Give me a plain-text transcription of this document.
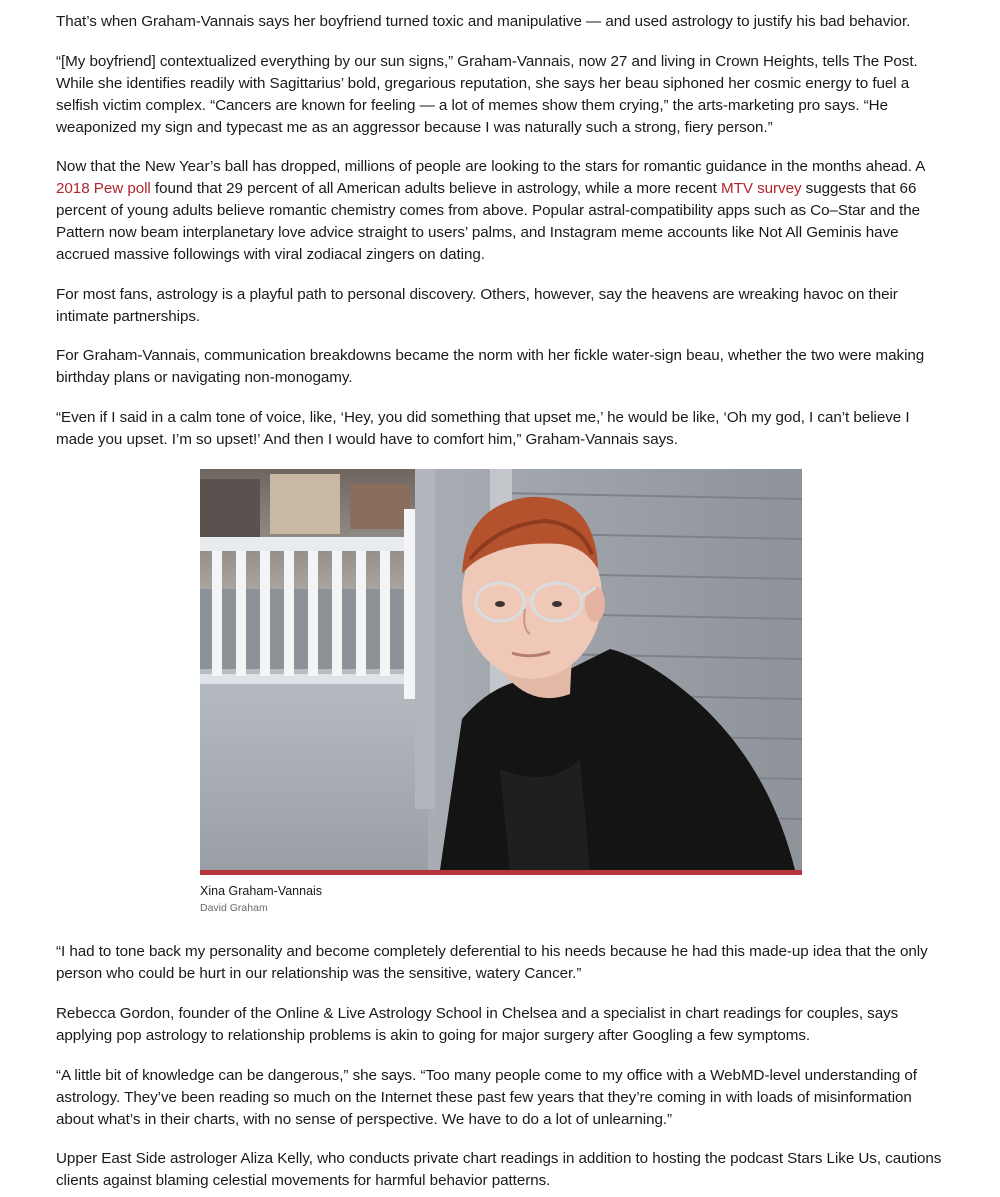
That’s when Graham-Vannais says her boyfriend turned toxic and manipulative — and used astrology to justify his bad behavior.

“[My boyfriend] contextualized everything by our sun signs,” Graham-Vannais, now 27 and living in Crown Heights, tells The Post. While she identifies readily with Sagittarius’ bold, gregarious reputation, she says her beau siphoned her cosmic energy to fuel a selfish victim complex. “Cancers are known for feeling — a lot of memes show them crying,” the arts-marketing pro says. “He weaponized my sign and typecast me as an aggressor because I was naturally such a strong, fiery person.”

Now that the New Year’s ball has dropped, millions of people are looking to the stars for romantic guidance in the months ahead. A 2018 Pew poll found that 29 percent of all American adults believe in astrology, while a more recent MTV survey suggests that 66 percent of young adults believe romantic chemistry comes from above. Popular astral-compatibility apps such as Co–Star and the Pattern now beam interplanetary love advice straight to users’ palms, and Instagram meme accounts like Not All Geminis have accrued massive followings with viral zodiacal zingers on dating.

For most fans, astrology is a playful path to personal discovery. Others, however, say the heavens are wreaking havoc on their intimate partnerships.

For Graham-Vannais, communication breakdowns became the norm with her fickle water-sign beau, whether the two were making birthday plans or navigating non-monogamy.

“Even if I said in a calm tone of voice, like, ‘Hey, you did something that upset me,’ he would be like, ‘Oh my god, I can’t believe I made you upset. I’m so upset!’ And then I would have to comfort him,” Graham-Vannais says.

Xina Graham-Vannais
David Graham

“I had to tone back my personality and become completely deferential to his needs because he had this made-up idea that the only person who could be hurt in our relationship was the sensitive, watery Cancer.”

Rebecca Gordon, founder of the Online & Live Astrology School in Chelsea and a specialist in chart readings for couples, says applying pop astrology to relationship problems is akin to going for major surgery after Googling a few symptoms.

“A little bit of knowledge can be dangerous,” she says. “Too many people come to my office with a WebMD-level understanding of astrology. They’ve been reading so much on the Internet these past few years that they’re coming in with loads of misinformation about what’s in their charts, with no sense of perspective. We have to do a lot of unlearning.”

Upper East Side astrologer Aliza Kelly, who conducts private chart readings in addition to hosting the podcast Stars Like Us, cautions clients against blaming celestial movements for harmful behavior patterns.
